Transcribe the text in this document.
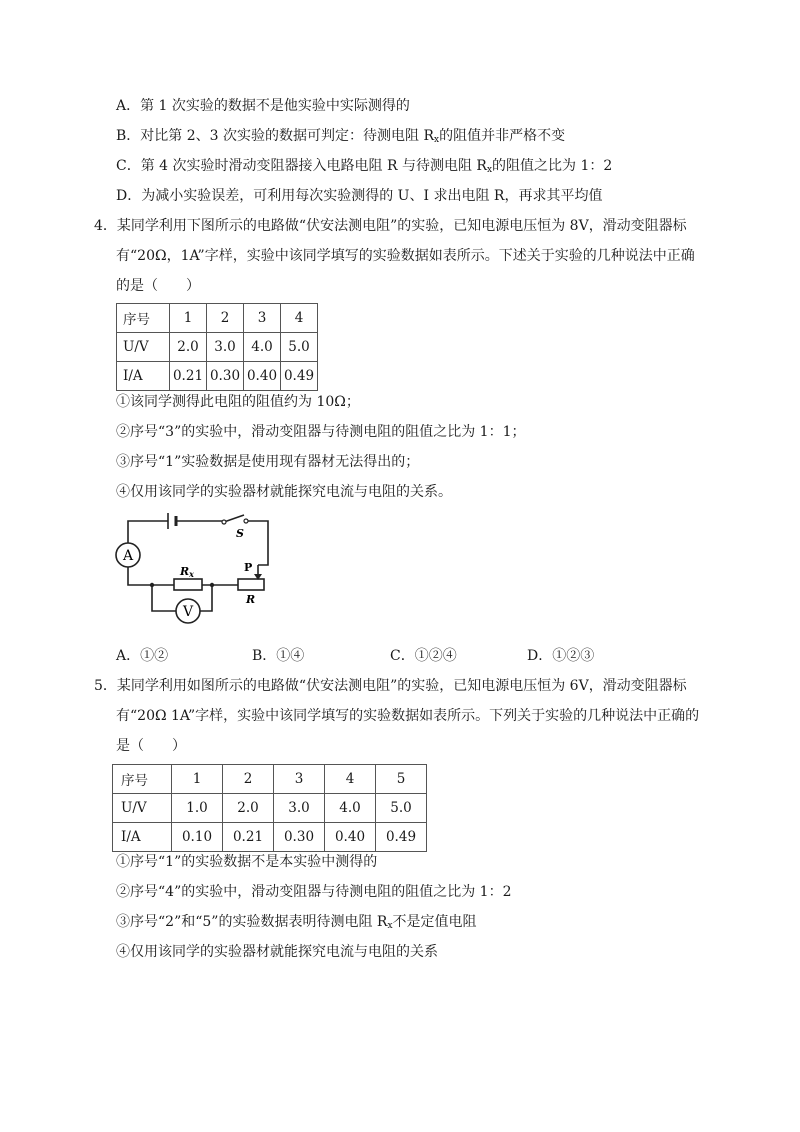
A．第 1 次实验的数据不是他实验中实际测得的
B．对比第 2、3 次实验的数据可判定：待测电阻 $R_x$的阻值并非严格不变
C．第 4 次实验时滑动变阻器接入电路电阻 R 与待测电阻 $R_x$的阻值之比为 1：2
D．为减小实验误差，可利用每次实验测得的 U、I 求出电阻 R，再求其平均值
4．某同学利用下图所示的电路做“伏安法测电阻”的实验，已知电源电压恒为 8V，滑动变阻器标
有“20Ω，1A”字样，实验中该同学填写的实验数据如表所示。下述关于实验的几种说法中正确
的是（　　）
序号	1	2	3	4
U/V	2.0	3.0	4.0	5.0
I/A	0.21	0.30	0.40	0.49
①该同学测得此电阻的阻值约为 10Ω；
②序号“3”的实验中，滑动变阻器与待测电阻的阻值之比为 1：1；
③序号“1”实验数据是使用现有器材无法得出的；
④仅用该同学的实验器材就能探究电流与电阻的关系。
A
V
S
Rx	P
R
A．①②	B．①④	C．①②④	D．①②③
5．某同学利用如图所示的电路做“伏安法测电阻”的实验，已知电源电压恒为 6V，滑动变阻器标
有“20Ω 1A”字样，实验中该同学填写的实验数据如表所示。下列关于实验的几种说法中正确的
是（　　）
序号	1	2	3	4	5
U/V	1.0	2.0	3.0	4.0	5.0
I/A	0.10	0.21	0.30	0.40	0.49
①序号“1”的实验数据不是本实验中测得的
②序号“4”的实验中，滑动变阻器与待测电阻的阻值之比为 1：2
③序号“2”和“5”的实验数据表明待测电阻 $R_x$不是定值电阻
④仅用该同学的实验器材就能探究电流与电阻的关系
